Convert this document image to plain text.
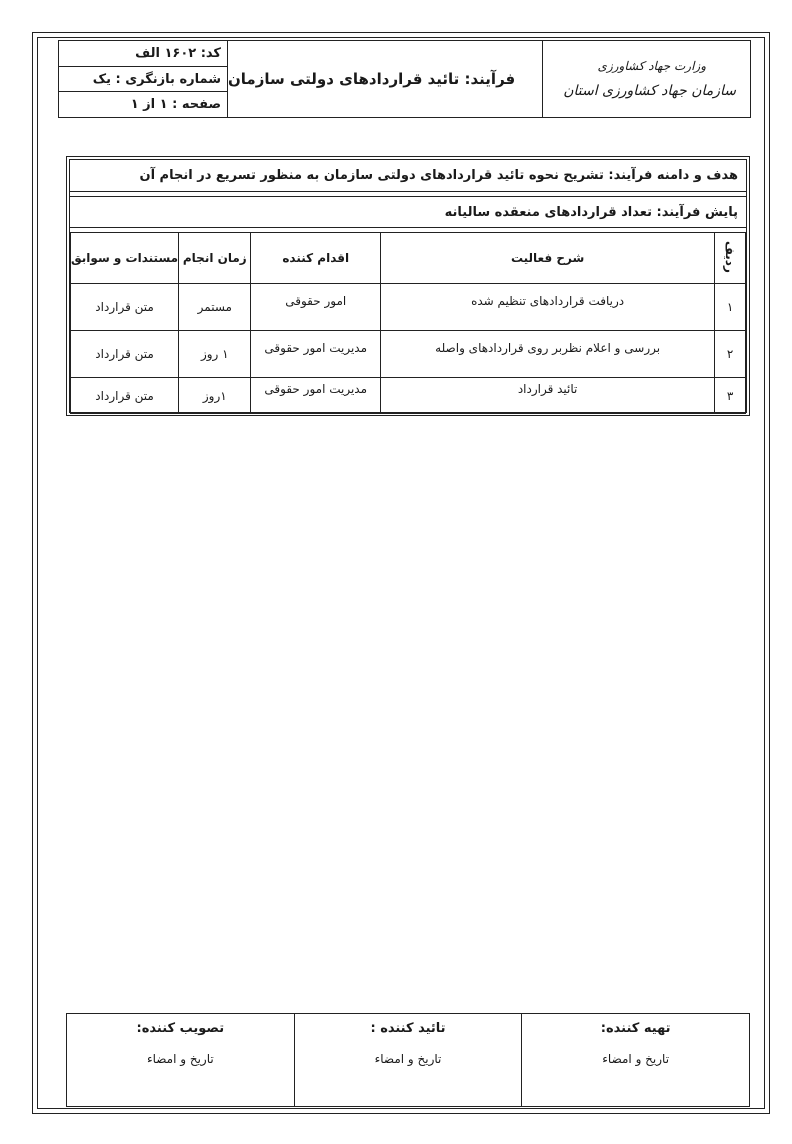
کد: ۱۶۰۲ الف
شماره بازنگری : یک
صفحه : ۱ از ۱
فرآیند: تائید قراردادهای دولتی سازمان
وزارت جهاد کشاورزی
سازمان جهاد کشاورزی استان
هدف و دامنه فرآیند: تشریح نحوه تائید قراردادهای دولتی سازمان به منظور تسریع در انجام آن
پایش فرآیند: تعداد قراردادهای منعقده سالیانه
ردیف	شرح فعالیت	اقدام کننده	زمان انجام	مستندات و سوابق
۱	دریافت قراردادهای تنظیم شده	امور حقوقی	مستمر	متن قرارداد
۲	بررسی و اعلام نظربر روی قراردادهای واصله	مدیریت امور حقوقی	۱ روز	متن قرارداد
۳	تائید قرارداد	مدیریت امور حقوقی	۱روز	متن قرارداد
تهیه کننده:
تاریخ و امضاء

تائید کننده :
تاریخ و امضاء

تصویب کننده:
تاریخ و امضاء
